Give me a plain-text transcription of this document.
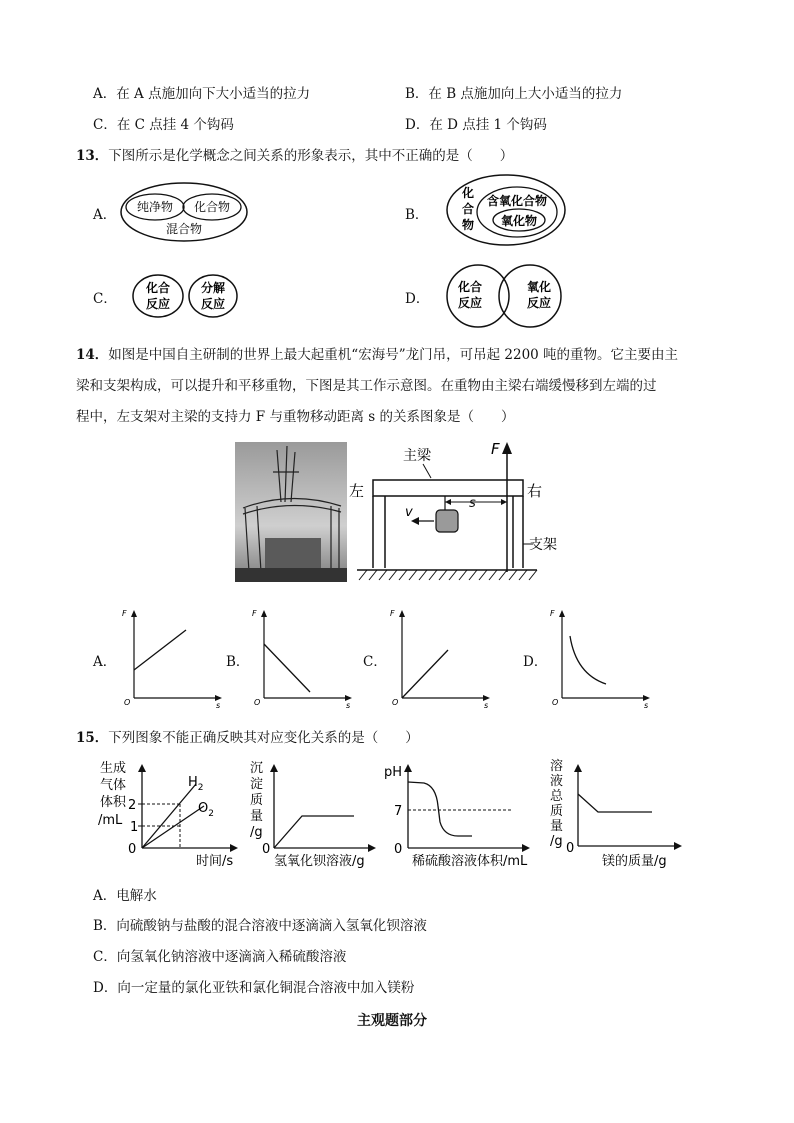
A．在 A 点施加向下大小适当的拉力	B．在 B 点施加向上大小适当的拉力
C．在 C 点挂 4 个钩码	D．在 D 点挂 1 个钩码
13．下图所示是化学概念之间关系的形象表示，其中不正确的是（　　）
A． 纯净物 化合物
混合物
B．
化
合
物
含氧化合物
氧化物
C．
化合
反应
分解
反应	D．
化合
反应
氧化
反应
14．如图是中国自主研制的世界上最大起重机“宏海号”龙门吊，可吊起 2200 吨的重物。它主要由主
梁和支架构成，可以提升和平移重物，下图是其工作示意图。在重物由主梁右端缓慢移到左端的过
程中，左支架对主梁的支持力 F 与重物移动距离 s 的关系图象是（　　）
F
主梁
左	右
v
s
支架
A．
F
O	s
B．
F
O	s
C．
F
O	s
D．
F
O	s
15．下列图象不能正确反映其对应变化关系的是（　　）
生成
气体
体积
/mL
2
1
0
$H_2$
$O_2$
时间/s
沉
淀
质
量
/g
0
氢氧化钡溶液/g
pH
7
0
稀硫酸溶液体积/mL
溶
液
总
质
量
/g 0
镁的质量/g
A．电解水
B．向硫酸钠与盐酸的混合溶液中逐滴滴入氢氧化钡溶液
C．向氢氧化钠溶液中逐滴滴入稀硫酸溶液
D．向一定量的氯化亚铁和氯化铜混合溶液中加入镁粉
主观题部分
